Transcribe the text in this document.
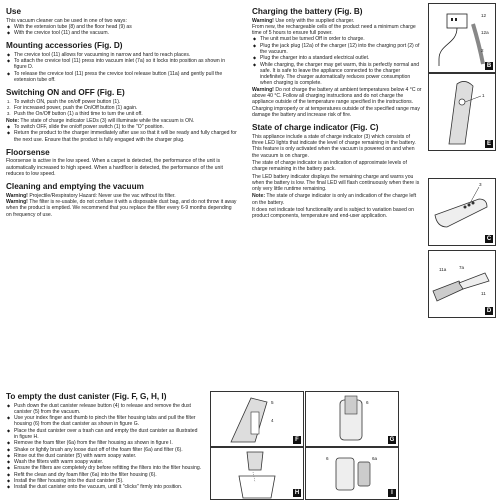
Use

This vacuum cleaner can be used in one of two ways:

◆ With the extension tube (8) and the floor head (9) as
◆ With the crevice tool (11) and the vacuum.
Mounting accessories (Fig. D)
◆ The crevice tool (11) allows for vacuuming in narrow and hard to reach places.
◆ To attach the crevice tool (11) press into vacuum inlet (7a) so it locks into position as shown in figure D.
◆ To release the crevice tool (11) press the crevice tool release button (11a) and gently pull the extension tube off.
Switching ON and OFF (Fig. E)
To switch ON, push the on/off power button (1).
For increased power, push the On/Off button (1) again.
Push the On/Off button (1) a third time to turn the unit off.

Note: The state of charge indicator LEDs (3) will illuminate while the vacuum is ON.

◆ To switch OFF, slide the on/off power switch (1) to the "O" position.
◆ Return the product to the charger immediately after use so that it will be ready and fully charged for the next use. Ensure that the product is fully engaged with the charger plug.
Floorsense

Floorsense is active in the low speed. When a carpet is detected, the performance of the unit is automatically increased to high speed. When a hardfloor is detected, the performance of the unit reduces to low speed.

Cleaning and emptying the vacuum

Warning! Projectile/Respiratory Hazard: Never use the vac without its filter.

Warning! The filter is re-usable, do not confuse it with a disposable dust bag, and do not throw it away when the product is emptied. We recommend that you replace the filter every 6-9 months depending on frequency of use.

To empty the dust canister (Fig. F, G, H, I)
◆ Push down the dust canister release button (4) to release and remove the dust canister (5) from the vacuum.
◆ Use your index finger and thumb to pinch the filter housing tabs and pull the filter housing (6) from the dust canister as shown in figure G.
◆ Place the dust canister over a trash can and empty the dust canister as illustrated in figure H.
◆ Remove the foam filter (6a) from the filter housing as shown in figure I.
◆ Shake or lightly brush any loose dust off of the foam filter (6a) and filter (6).
◆ Rinse out the dust canister (5) with warm soapy water.
◆ Wash the filters with warm soapy water.
◆ Ensure the filters are completely dry before refitting the filters into the filter housing.
◆ Refit the clean and dry foam filter (6a) into the filter housing (6).
◆ Install the filter housing into the dust canister (5).
◆ Install the dust canister onto the vacuum, until it "clicks" firmly into position.
Charging the battery (Fig. B)

Warning! Use only with the supplied charger.

From new, the rechargeable cells of the product need a minimum charge time of 5 hours to ensure full power.

◆ The unit must be turned Off in order to charge.
◆ Plug the jack plug (12a) of the charger (12) into the charging port (2) of the vacuum.
◆ Plug the charger into a standard electrical outlet.
◆ While charging, the charger may get warm, this is perfectly normal and safe. It is safe to leave the appliance connected to the charger indefinitely. The charger automatically reduces power consumption when charging is complete.

Warning! Do not charge the battery at ambient temperatures below 4 °C or above 40 °C. Follow all charging instructions and do not charge the appliance outside of the temperature range specified in the instructions. Charging improperly or at temperatures outside of the specified range may damage the battery and increase risk of fire.

State of charge indicator (Fig. C)

This appliance include a state of charge indicator (3) which consists of three LED lights that indicate the level of charge remaining in the battery. This feature is only activated when the vacuum is powered on and when the vacuum is on charge.

The state of charge indicator is an indication of approximate levels of charge remaining in the battery pack.

The LED battery indicator displays the remaining charge and warns you when the battery is low. The final LED will flash continuously when there is only very little runtime remaining.

Note: The state of charge indicator is only an indication of the charge left on the battery.

It does not indicate tool functionality and is subject to variation based on product components, temperature and end-user application.

12
12a
2
B
1
E
3
C
11a	7a
11
D
5
4
F
6
G
H
6a
6
I
